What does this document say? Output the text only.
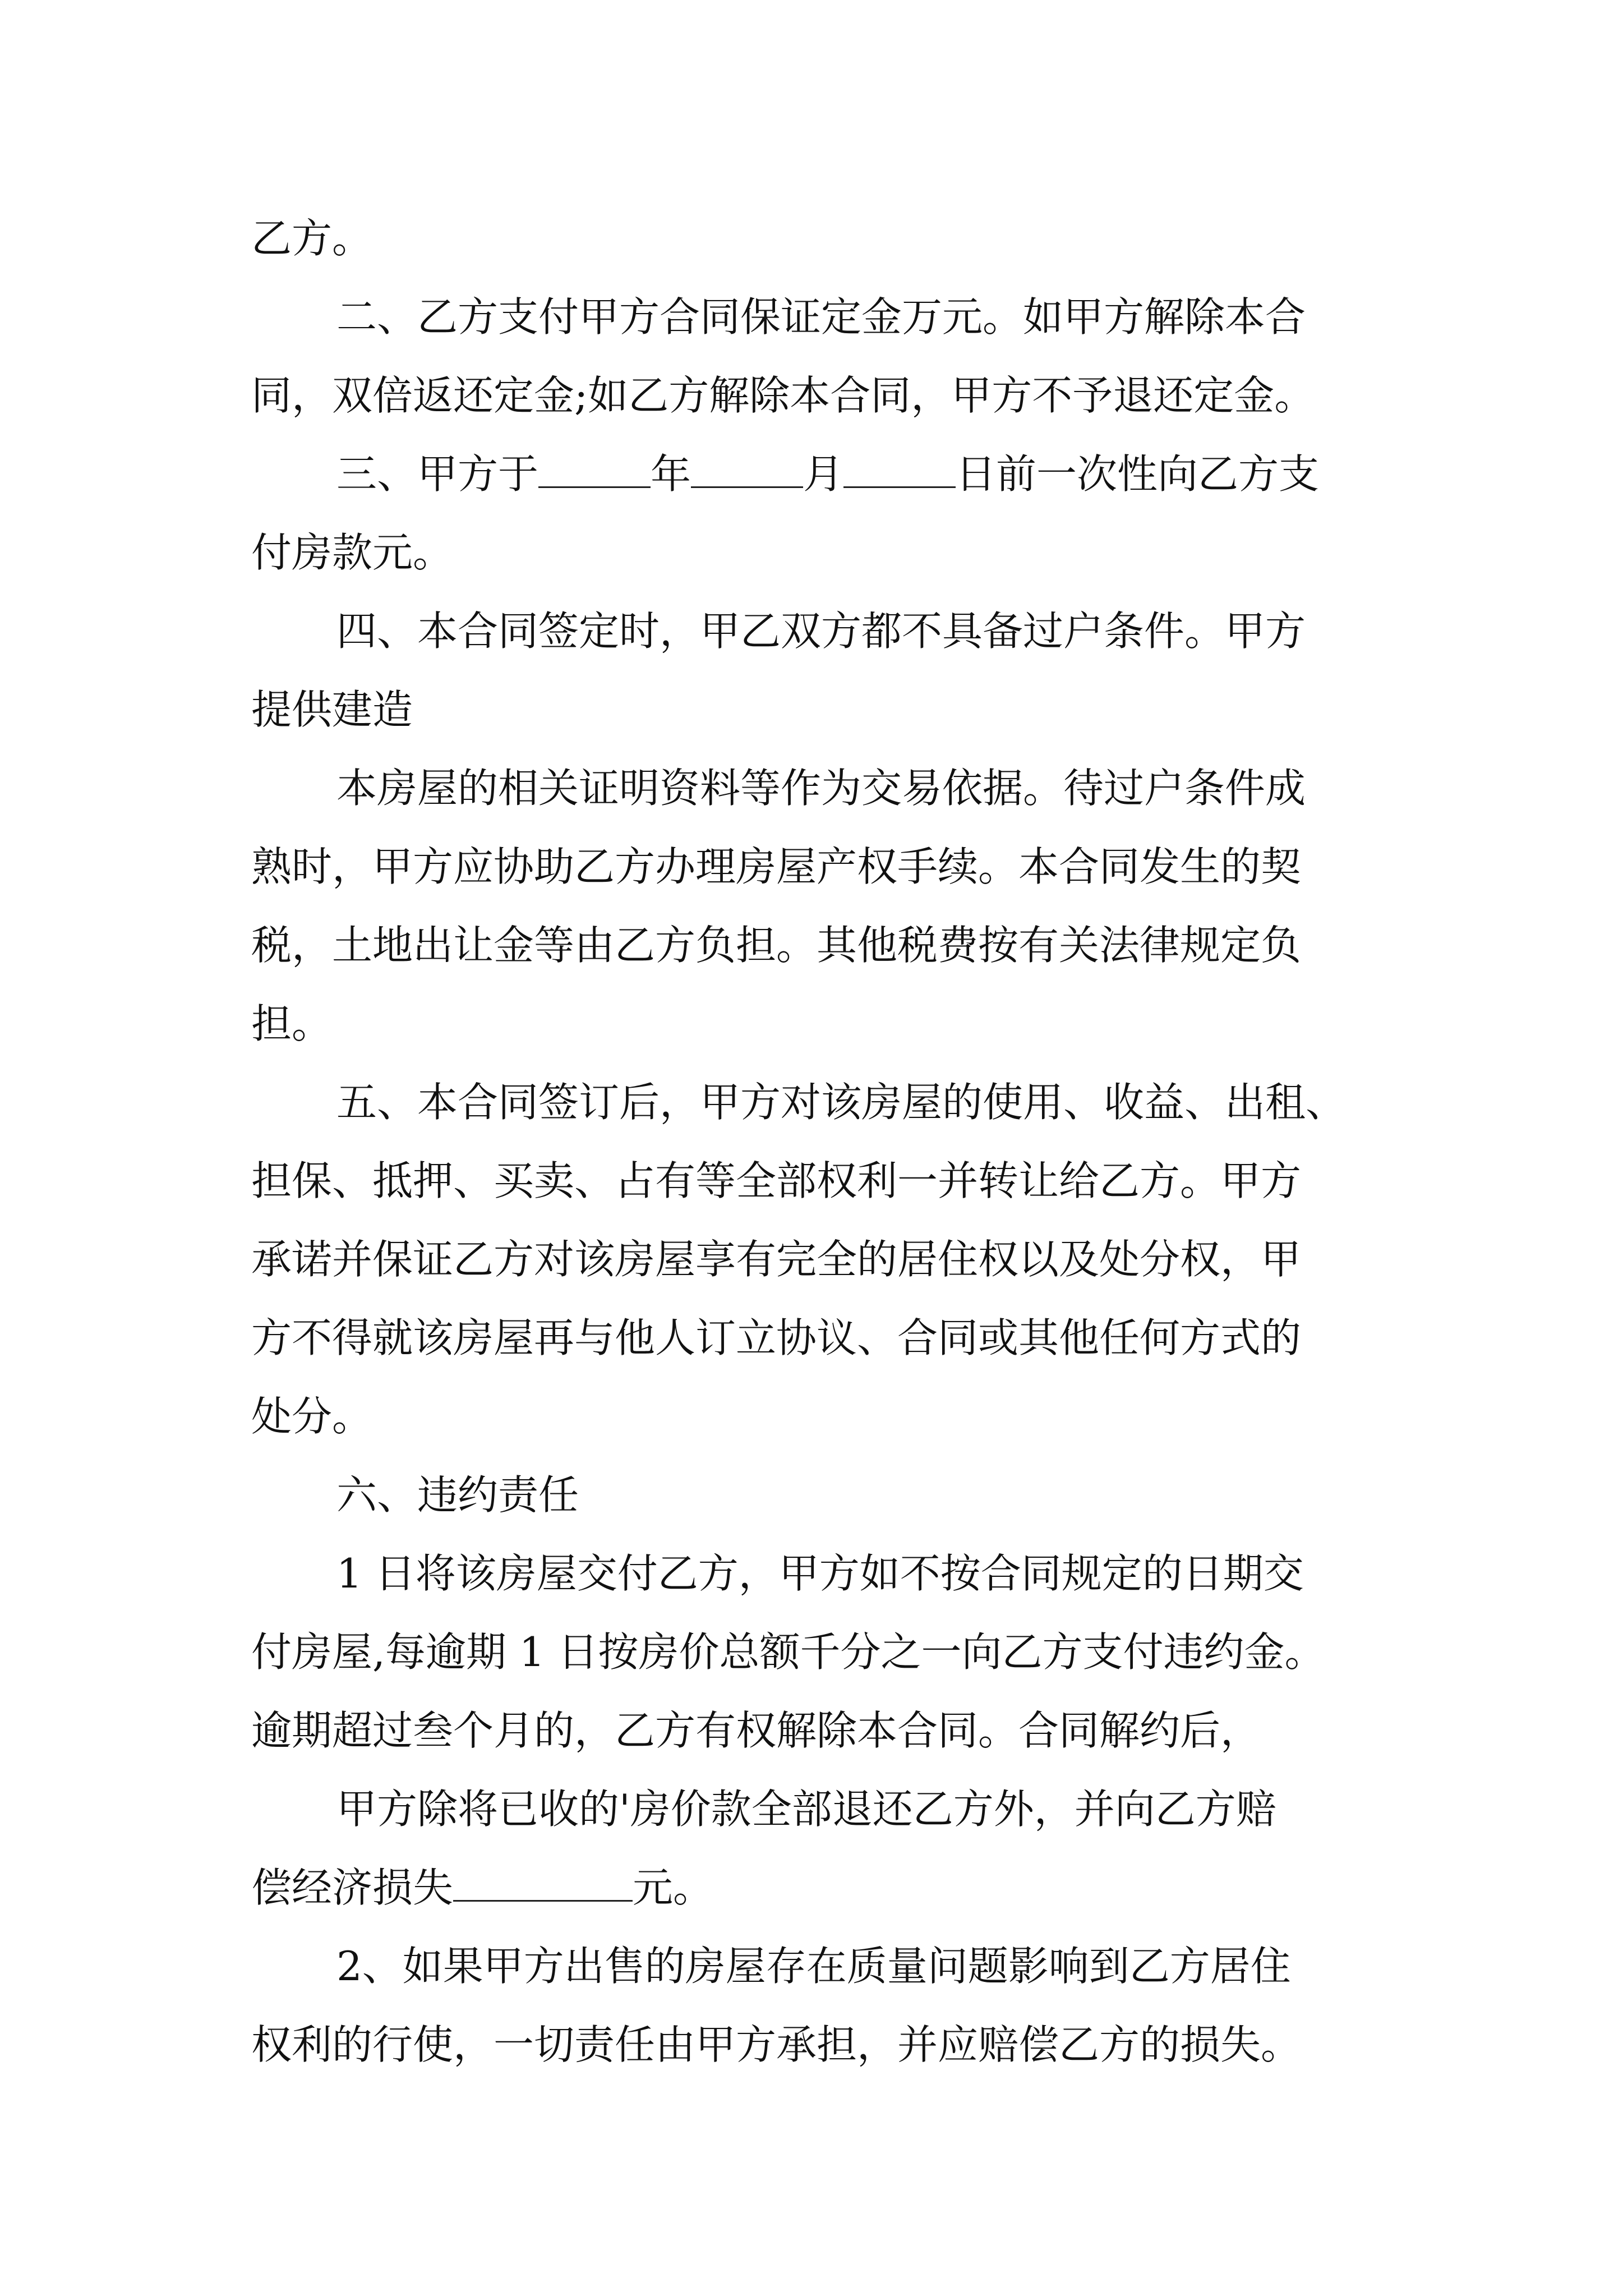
乙方。
二、乙方支付甲方合同保证定金万元。如甲方解除本合
同，双倍返还定金;如乙方解除本合同，甲方不予退还定金。
三、甲方于	年	月	日前一次性向乙方支
付房款元。
四、本合同签定时，甲乙双方都不具备过户条件。甲方
提供建造
本房屋的相关证明资料等作为交易依据。待过户条件成
熟时，甲方应协助乙方办理房屋产权手续。本合同发生的契
税，土地出让金等由乙方负担。其他税费按有关法律规定负
担。
五、本合同签订后，甲方对该房屋的使用、收益、出租、
担保、抵押、买卖、占有等全部权利一并转让给乙方。甲方
承诺并保证乙方对该房屋享有完全的居住权以及处分权，甲
方不得就该房屋再与他人订立协议、合同或其他任何方式的
处分。
六、违约责任
1 日将该房屋交付乙方，甲方如不按合同规定的日期交
付房屋,每逾期 1 日按房价总额千分之一向乙方支付违约金。
逾期超过叁个月的，乙方有权解除本合同。合同解约后，
甲方除将已收的'房价款全部退还乙方外，并向乙方赔
偿经济损失	元。
2、如果甲方出售的房屋存在质量问题影响到乙方居住
权利的行使，一切责任由甲方承担，并应赔偿乙方的损失。
